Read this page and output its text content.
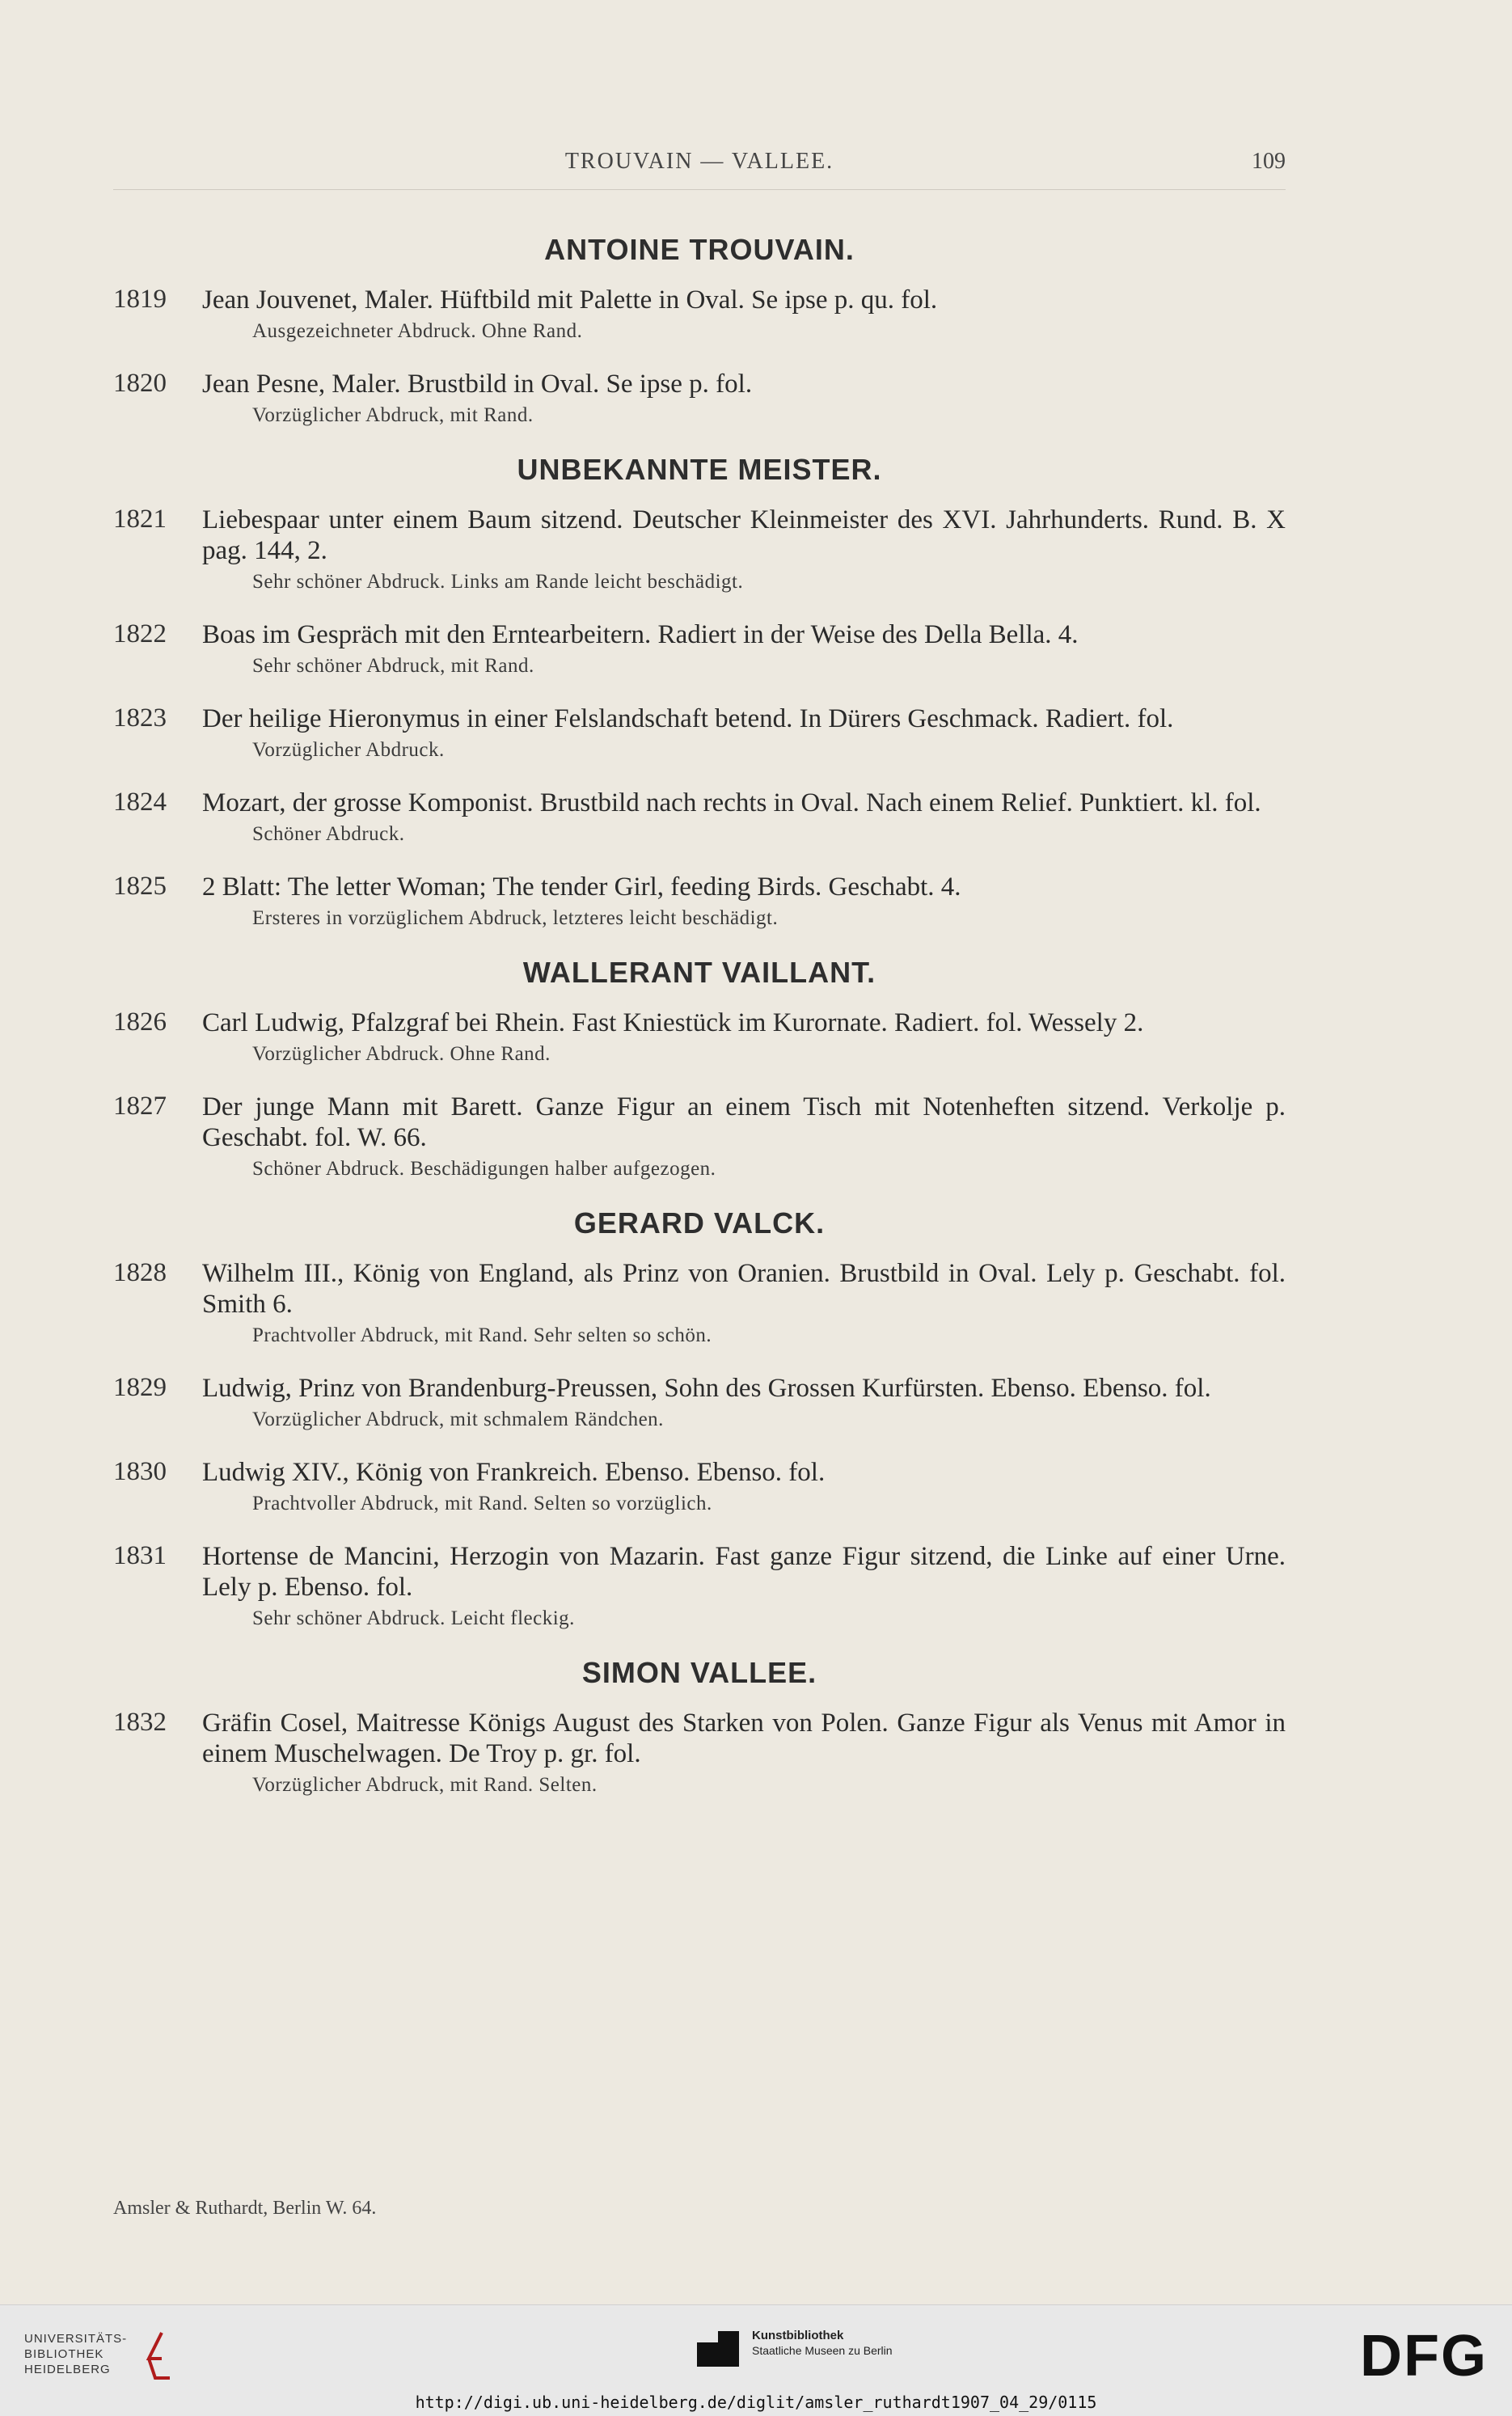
TROUVAIN — VALLEE.	109
ANTOINE TROUVAIN.
1819	Jean Jouvenet, Maler. Hüftbild mit Palette in Oval. Se ipse p. qu. fol.
Ausgezeichneter Abdruck. Ohne Rand.
1820	Jean Pesne, Maler. Brustbild in Oval. Se ipse p. fol.
Vorzüglicher Abdruck, mit Rand.
UNBEKANNTE MEISTER.
1821	Liebespaar unter einem Baum sitzend. Deutscher Kleinmeister des XVI. Jahrhunderts. Rund. B. X pag. 144, 2.
Sehr schöner Abdruck. Links am Rande leicht beschädigt.
1822	Boas im Gespräch mit den Erntearbeitern. Radiert in der Weise des Della Bella. 4.
Sehr schöner Abdruck, mit Rand.
1823	Der heilige Hieronymus in einer Felslandschaft betend. In Dürers Geschmack. Radiert. fol.
Vorzüglicher Abdruck.
1824	Mozart, der grosse Komponist. Brustbild nach rechts in Oval. Nach einem Relief. Punktiert. kl. fol.
Schöner Abdruck.
1825	2 Blatt: The letter Woman; The tender Girl, feeding Birds. Geschabt. 4.
Ersteres in vorzüglichem Abdruck, letzteres leicht beschädigt.
WALLERANT VAILLANT.
1826	Carl Ludwig, Pfalzgraf bei Rhein. Fast Kniestück im Kurornate. Radiert. fol. Wessely 2.
Vorzüglicher Abdruck. Ohne Rand.
1827	Der junge Mann mit Barett. Ganze Figur an einem Tisch mit Notenheften sitzend. Verkolje p. Geschabt. fol. W. 66.
Schöner Abdruck. Beschädigungen halber aufgezogen.
GERARD VALCK.
1828	Wilhelm III., König von England, als Prinz von Oranien. Brustbild in Oval. Lely p. Geschabt. fol. Smith 6.
Prachtvoller Abdruck, mit Rand. Sehr selten so schön.
1829	Ludwig, Prinz von Brandenburg-Preussen, Sohn des Grossen Kurfürsten. Ebenso. Ebenso. fol.
Vorzüglicher Abdruck, mit schmalem Rändchen.
1830	Ludwig XIV., König von Frankreich. Ebenso. Ebenso. fol.
Prachtvoller Abdruck, mit Rand. Selten so vorzüglich.
1831	Hortense de Mancini, Herzogin von Mazarin. Fast ganze Figur sitzend, die Linke auf einer Urne. Lely p. Ebenso. fol.
Sehr schöner Abdruck. Leicht fleckig.
SIMON VALLEE.
1832	Gräfin Cosel, Maitresse Königs August des Starken von Polen. Ganze Figur als Venus mit Amor in einem Muschelwagen. De Troy p. gr. fol.
Vorzüglicher Abdruck, mit Rand. Selten.
Amsler & Ruthardt, Berlin W. 64.
UNIVERSITÄTS-
BIBLIOTHEK
HEIDELBERG
Kunstbibliothek
Staatliche Museen zu Berlin	DFG
http://digi.ub.uni-heidelberg.de/diglit/amsler_ruthardt1907_04_29/0115
